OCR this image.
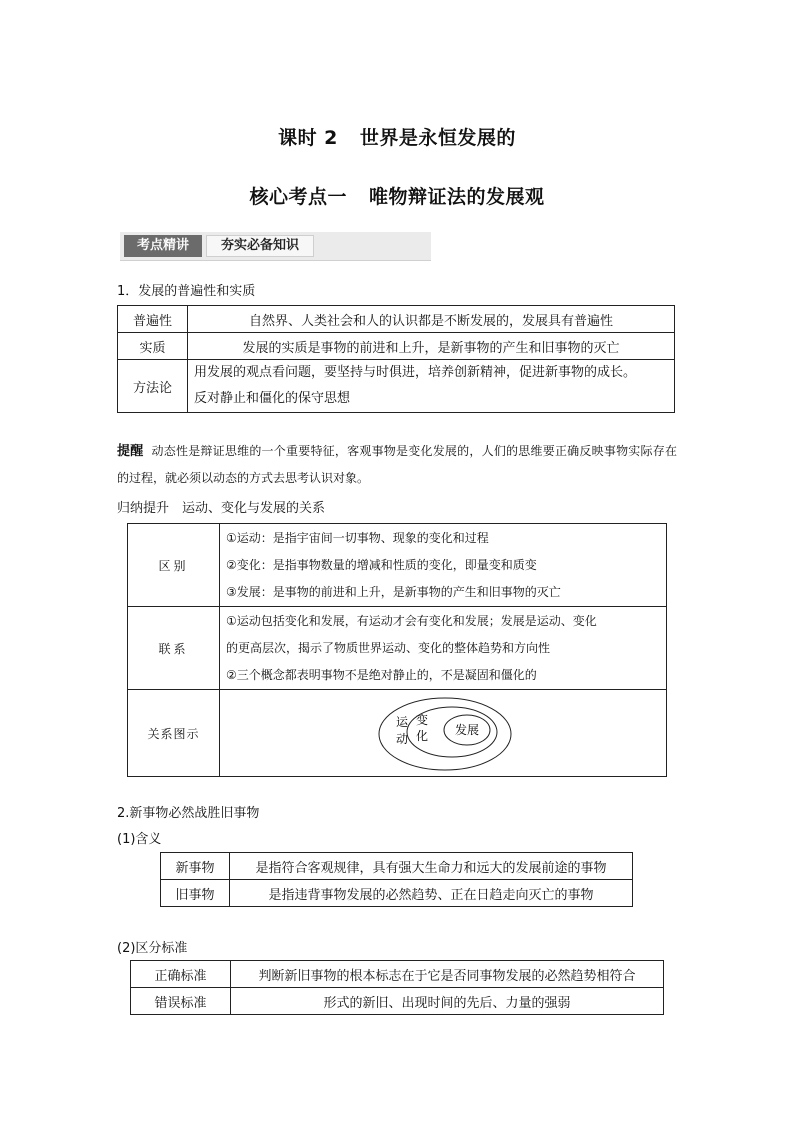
课时 2 世界是永恒发展的
核心考点一 唯物辩证法的发展观
考点精讲	夯实必备知识
1．发展的普遍性和实质
普遍性	自然界、人类社会和人的认识都是不断发展的，发展具有普遍性
实质	发展的实质是事物的前进和上升，是新事物的产生和旧事物的灭亡
方法论	用发展的观点看问题，要坚持与时俱进，培养创新精神，促进新事物的成长。
反对静止和僵化的保守思想
提醒 动态性是辩证思维的一个重要特征，客观事物是变化发展的，人们的思维要正确反映事物实际存在的过程，就必须以动态的方式去思考认识对象。
归纳提升　运动、变化与发展的关系
区别	①运动：是指宇宙间一切事物、现象的变化和过程
②变化：是指事物数量的增减和性质的变化，即量变和质变
③发展：是事物的前进和上升，是新事物的产生和旧事物的灭亡

联系	①运动包括变化和发展，有运动才会有变化和发展；发展是运动、变化
的更高层次，揭示了物质世界运动、变化的整体趋势和方向性
②三个概念都表明事物不是绝对静止的，不是凝固和僵化的

关系图示	运
动
变
化 发展
2.新事物必然战胜旧事物
(1)含义
新事物	是指符合客观规律，具有强大生命力和远大的发展前途的事物
旧事物	是指违背事物发展的必然趋势、正在日趋走向灭亡的事物
(2)区分标准
正确标准	判断新旧事物的根本标志在于它是否同事物发展的必然趋势相符合
错误标准	形式的新旧、出现时间的先后、力量的强弱
